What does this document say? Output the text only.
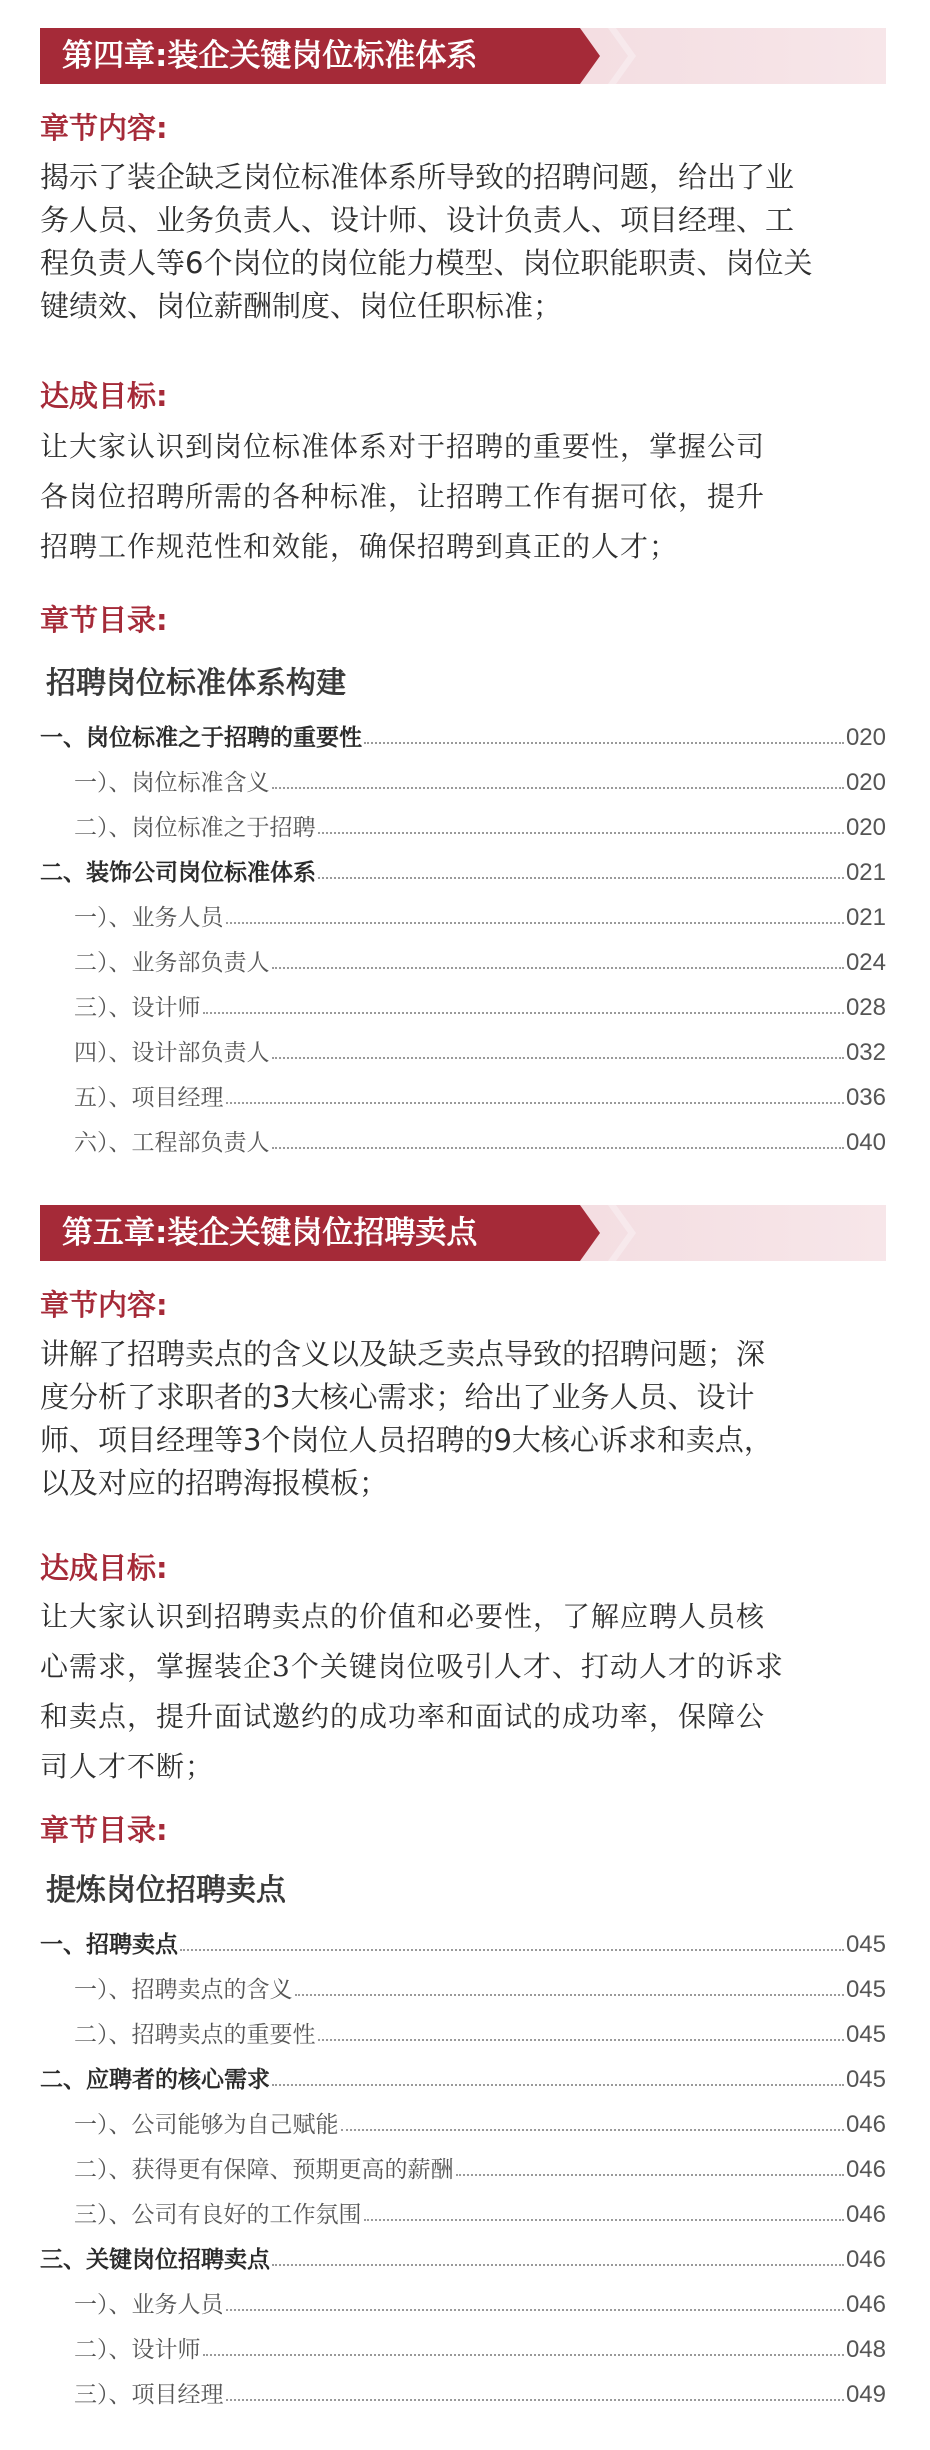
第四章:装企关键岗位标准体系
章节内容:
揭示了装企缺乏岗位标准体系所导致的招聘问题，给出了业
务人员、业务负责人、设计师、设计负责人、项目经理、工
程负责人等6个岗位的岗位能力模型、岗位职能职责、岗位关
键绩效、岗位薪酬制度、岗位任职标准；
达成目标:
让大家认识到岗位标准体系对于招聘的重要性，掌握公司
各岗位招聘所需的各种标准，让招聘工作有据可依，提升
招聘工作规范性和效能，确保招聘到真正的人才；
章节目录:
招聘岗位标准体系构建
一、岗位标准之于招聘的重要性	020
一）、岗位标准含义	020
二）、岗位标准之于招聘	020
二、装饰公司岗位标准体系	021
一）、业务人员	021
二）、业务部负责人	024
三）、设计师	028
四）、设计部负责人	032
五）、项目经理	036
六）、工程部负责人	040
第五章:装企关键岗位招聘卖点
章节内容:
讲解了招聘卖点的含义以及缺乏卖点导致的招聘问题；深
度分析了求职者的3大核心需求；给出了业务人员、设计
师、项目经理等3个岗位人员招聘的9大核心诉求和卖点，
以及对应的招聘海报模板；
达成目标:
让大家认识到招聘卖点的价值和必要性，了解应聘人员核
心需求，掌握装企3个关键岗位吸引人才、打动人才的诉求
和卖点，提升面试邀约的成功率和面试的成功率，保障公
司人才不断；
章节目录:
提炼岗位招聘卖点
一、招聘卖点	045
一）、招聘卖点的含义	045
二）、招聘卖点的重要性	045
二、应聘者的核心需求	045
一）、公司能够为自己赋能	046
二）、获得更有保障、预期更高的薪酬	046
三）、公司有良好的工作氛围	046
三、关键岗位招聘卖点	046
一）、业务人员	046
二）、设计师	048
三）、项目经理	049
